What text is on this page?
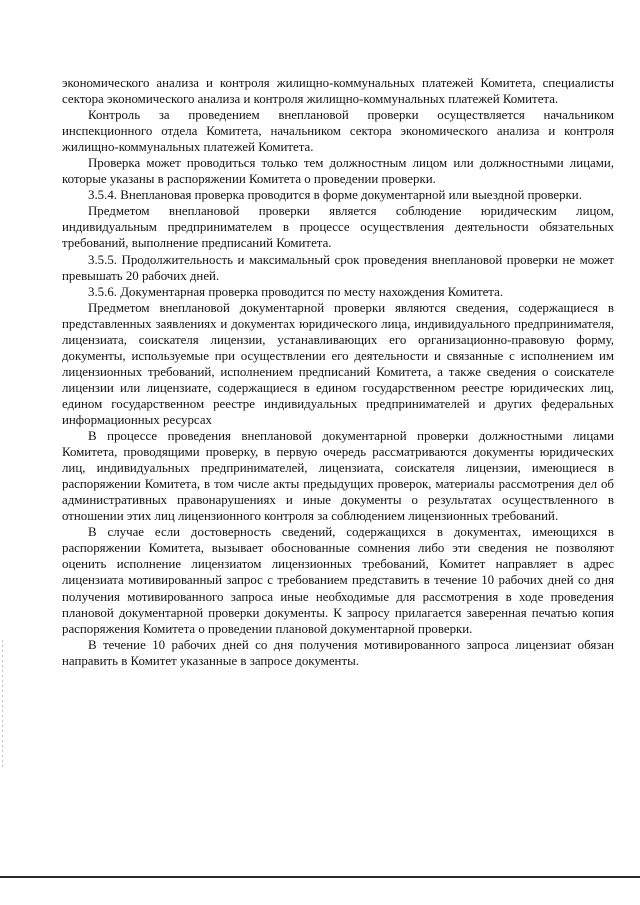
экономического анализа и контроля жилищно-коммунальных платежей Комитета, специалисты сектора экономического анализа и контроля жилищно-коммунальных платежей Комитета.

Контроль за проведением внеплановой проверки осуществляется начальником инспекционного отдела Комитета, начальником сектора экономического анализа и контроля жилищно-коммунальных платежей Комитета.

Проверка может проводиться только тем должностным лицом или должностными лицами, которые указаны в распоряжении Комитета о проведении проверки.

3.5.4. Внеплановая проверка проводится в форме документарной или выездной проверки.

Предметом внеплановой проверки является соблюдение юридическим лицом, индивидуальным предпринимателем в процессе осуществления деятельности обязательных требований, выполнение предписаний Комитета.

3.5.5. Продолжительность и максимальный срок проведения внеплановой проверки не может превышать 20 рабочих дней.

3.5.6. Документарная проверка проводится по месту нахождения Комитета.

Предметом внеплановой документарной проверки являются сведения, содержащиеся в представленных заявлениях и документах юридического лица, индивидуального предпринимателя, лицензиата, соискателя лицензии, устанавливающих его организационно-правовую форму, документы, используемые при осуществлении его деятельности и связанные с исполнением им лицензионных требований, исполнением предписаний Комитета, а также сведения о соискателе лицензии или лицензиате, содержащиеся в едином государственном реестре юридических лиц, едином государственном реестре индивидуальных предпринимателей и других федеральных информационных ресурсах

В процессе проведения внеплановой документарной проверки должностными лицами Комитета, проводящими проверку, в первую очередь рассматриваются документы юридических лиц, индивидуальных предпринимателей, лицензиата, соискателя лицензии, имеющиеся в распоряжении Комитета, в том числе акты предыдущих проверок, материалы рассмотрения дел об административных правонарушениях и иные документы о результатах осуществленного в отношении этих лиц лицензионного контроля за соблюдением лицензионных требований.

В случае если достоверность сведений, содержащихся в документах, имеющихся в распоряжении Комитета, вызывает обоснованные сомнения либо эти сведения не позволяют оценить исполнение лицензиатом лицензионных требований, Комитет направляет в адрес лицензиата мотивированный запрос с требованием представить в течение 10 рабочих дней со дня получения мотивированного запроса иные необходимые для рассмотрения в ходе проведения плановой документарной проверки документы. К запросу прилагается заверенная печатью копия распоряжения Комитета о проведении плановой документарной проверки.

В течение 10 рабочих дней со дня получения мотивированного запроса лицензиат обязан направить в Комитет указанные в запросе документы.
